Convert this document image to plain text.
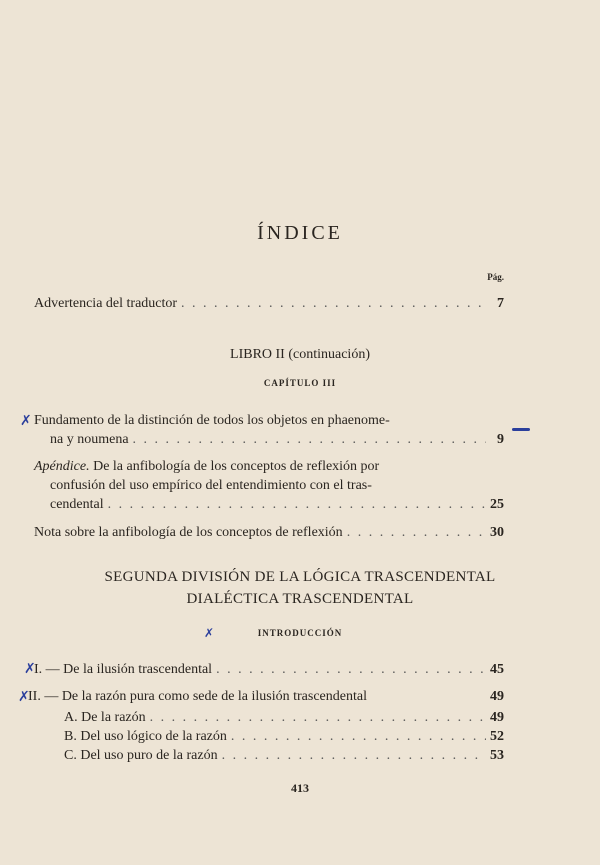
ÍNDICE
Pág.
Advertencia del traductor . . .	7
LIBRO II (continuación)
CAPÍTULO III
✗ Fundamento de la distinción de todos los objetos en phaenome-
na y noumena . . .	9
Apéndice. De la anfibología de los conceptos de reflexión por
confusión del uso empírico del entendimiento con el tras-
cendental . . .	25
Nota sobre la anfibología de los conceptos de reflexión . . .	30
SEGUNDA DIVISIÓN DE LA LÓGICA TRASCENDENTAL
DIALÉCTICA TRASCENDENTAL
✗	INTRODUCCIÓN
✗
I. — De la ilusión trascendental . . .	45
✗
II. — De la razón pura como sede de la ilusión trascendental	49
A. De la razón . . .	49
B. Del uso lógico de la razón . . .	52
C. Del uso puro de la razón . . .	53
413
